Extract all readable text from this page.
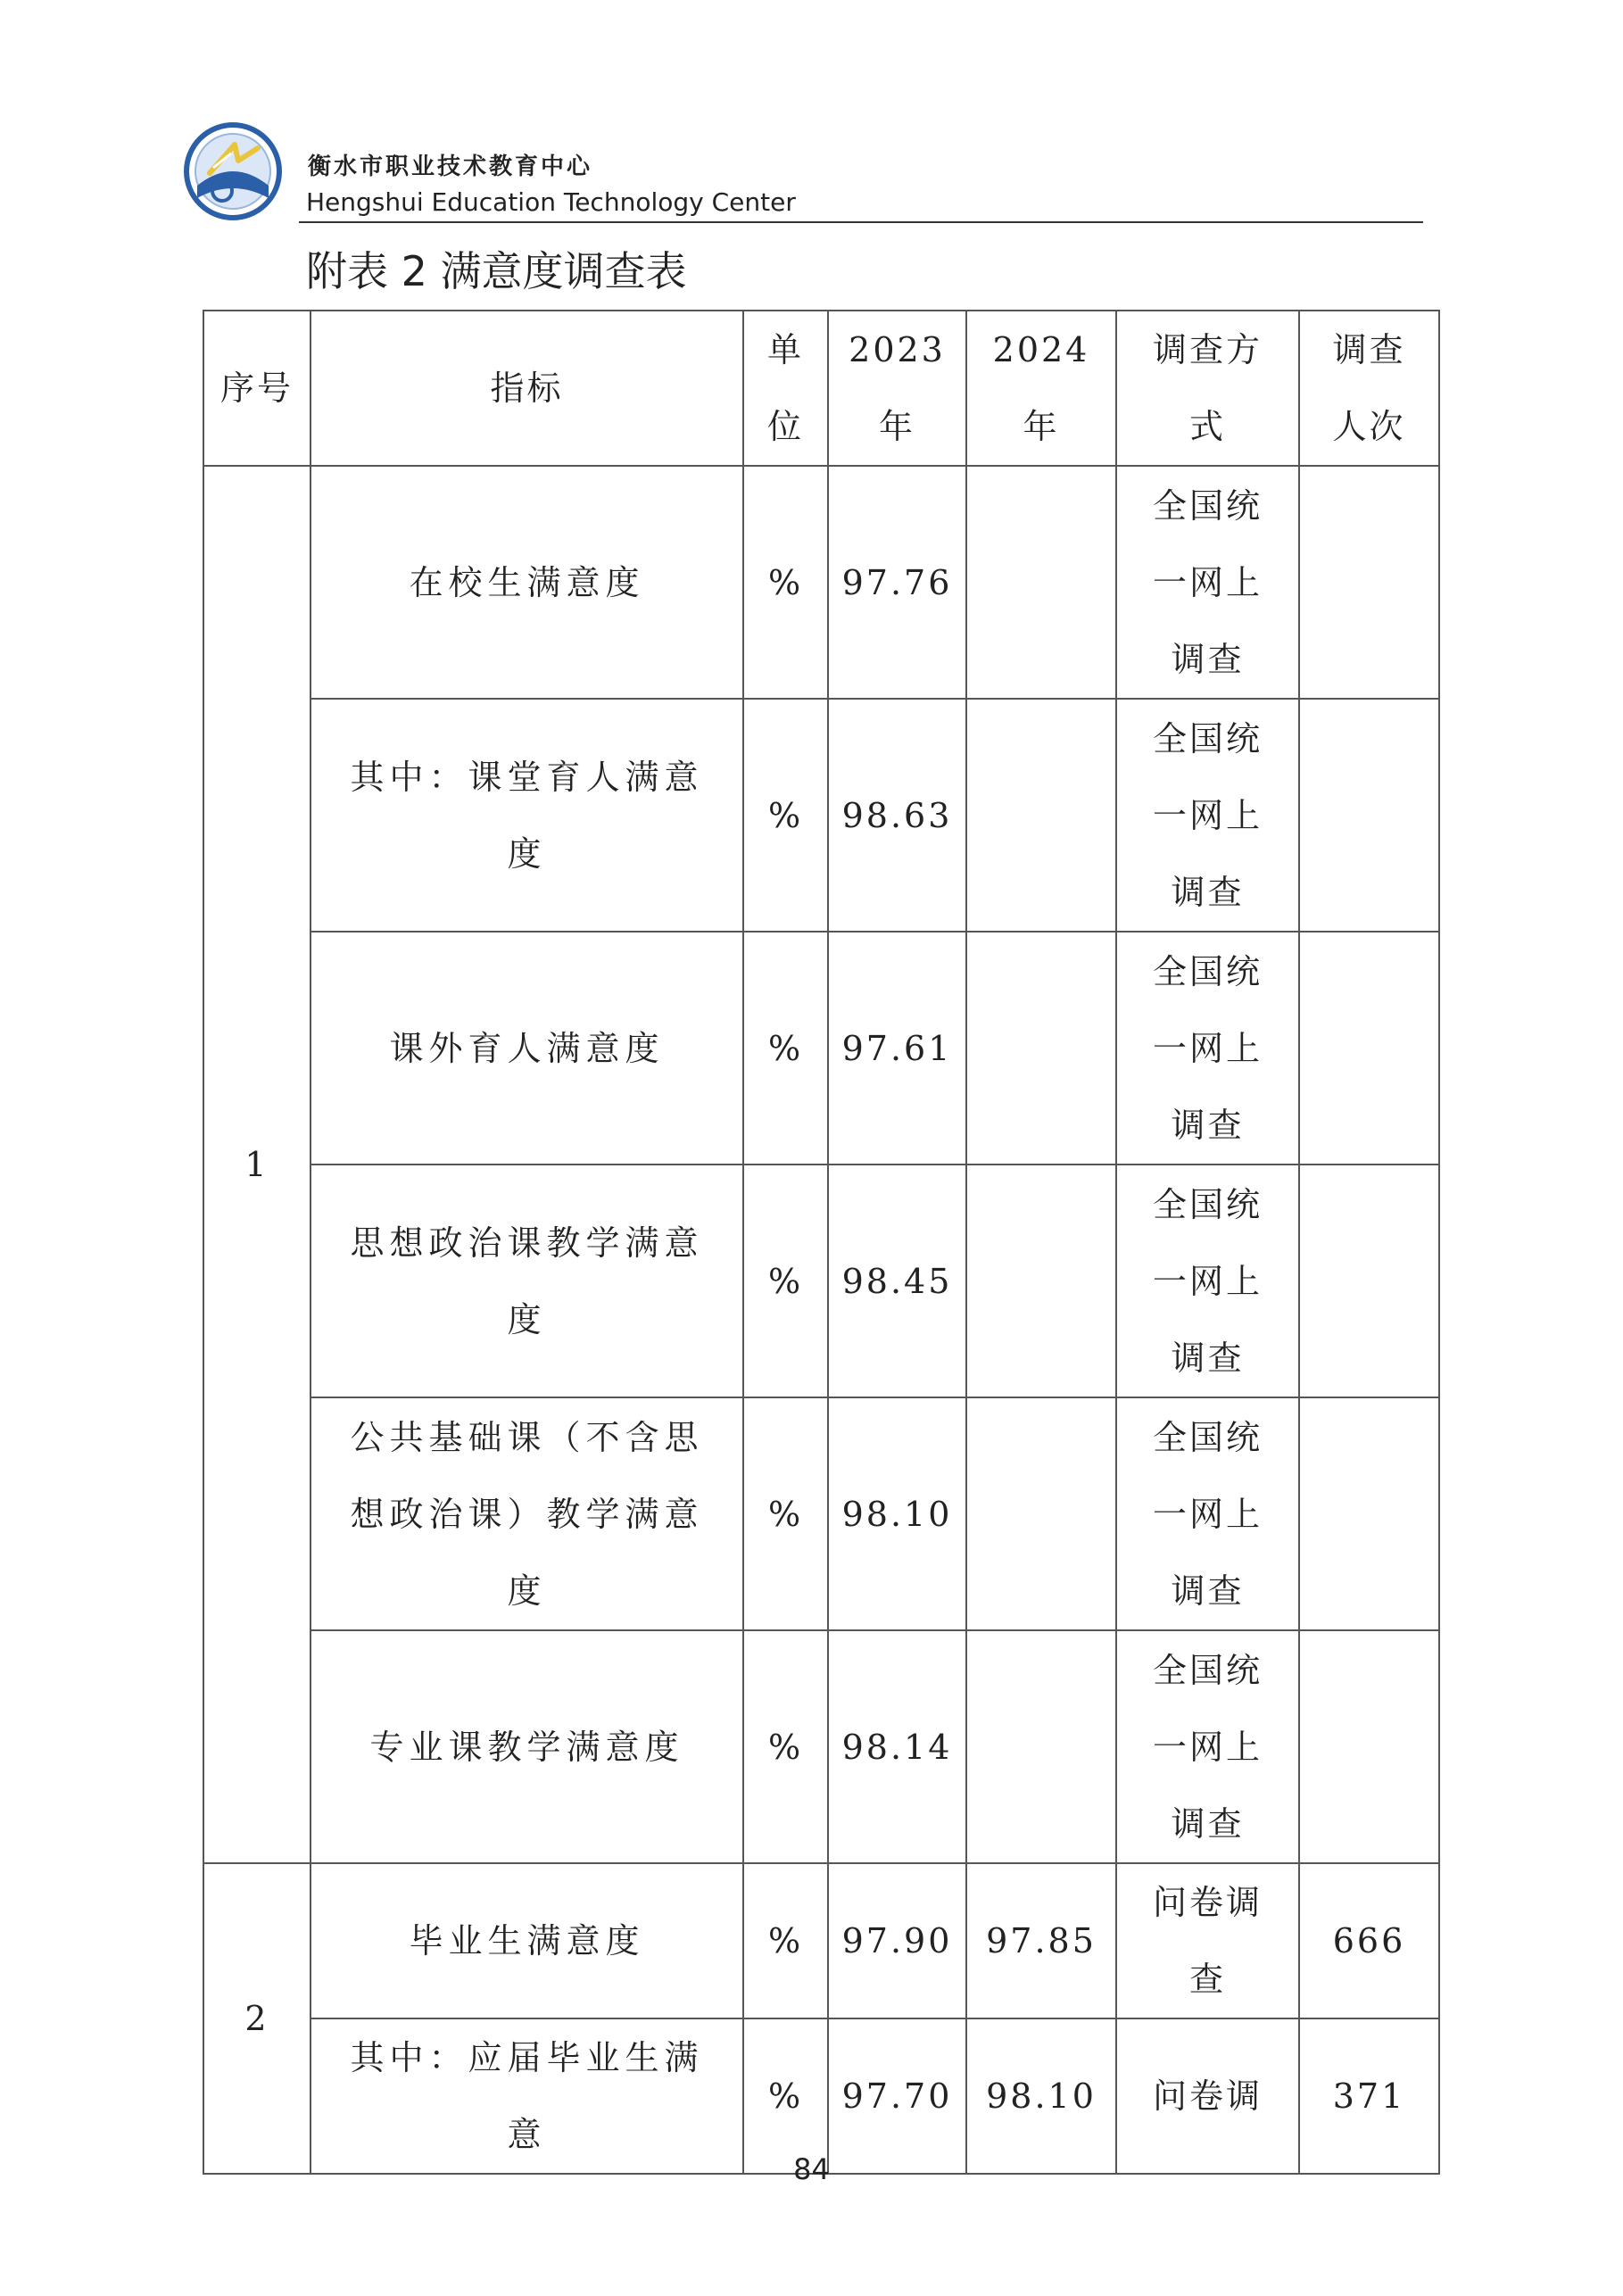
衡水市职业技术教育中心
Hengshui Education Technology Center
附表 2 满意度调查表
序号	指标	单位	2023 年	2024 年	调查方式	调查人次
1	在校生满意度	%	97.76		全国统一网上调查	
	其中：课堂育人满意度	%	98.63		全国统一网上调查	
	课外育人满意度	%	97.61		全国统一网上调查	
	思想政治课教学满意度	%	98.45		全国统一网上调查	
	公共基础课（不含思想政治课）教学满意度	%	98.10		全国统一网上调查	
	专业课教学满意度	%	98.14		全国统一网上调查	
2	毕业生满意度	%	97.90	97.85	问卷调查	666
	其中：应届毕业生满意	%	97.70	98.10	问卷调	371
84
